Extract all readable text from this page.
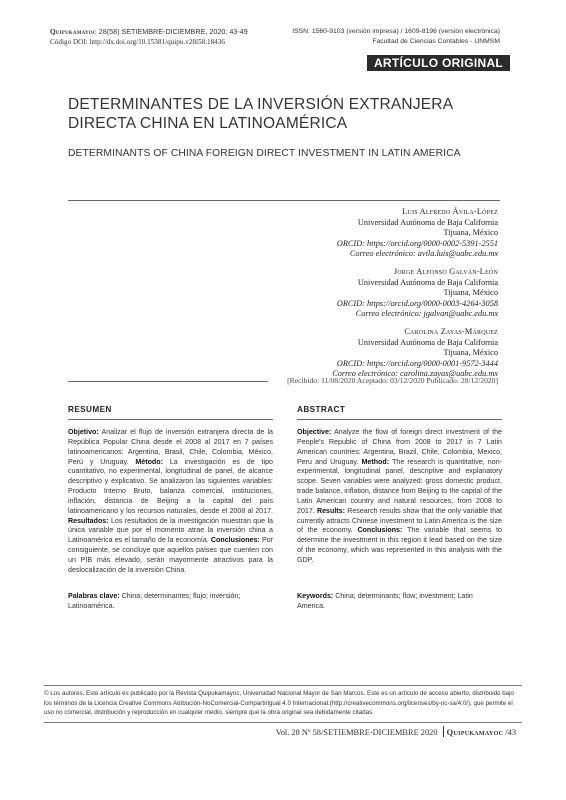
Quipukamayoc 28(58) SETIEMBRE-DICIEMBRE, 2020: 43-49
Código DOI: http://dx.doi.org/10.15381/quipu.v28i58.18436
ISSN: 1560-9103 (versión impresa) / 1609-8196 (versión electrónica)
Facultad de Ciencias Contables - UNMSM
ARTÍCULO ORIGINAL
DETERMINANTES DE LA INVERSIÓN EXTRANJERA
DIRECTA CHINA EN LATINOAMÉRICA
DETERMINANTS OF CHINA FOREIGN DIRECT INVESTMENT IN LATIN AMERICA
Luis Alfredo Ávila-López
Universidad Autónoma de Baja California
Tijuana, México
ORCID: https://orcid.org/0000-0002-5391-2551
Correo electrónico: avila.luis@uabc.edu.mx
Jorge Alfonso Galván-León
Universidad Autónoma de Baja California
Tijuana, México
ORCID: https://orcid.org/0000-0003-4264-3058
Correo electrónico: jgalvan@uabc.edu.mx
Carolina Zayas-Márquez
Universidad Autónoma de Baja California
Tijuana, México
ORCID: https://orcid.org/0000-0001-9572-3444
Correo electrónico: carolina.zayas@uabc.edu.mx
[Recibido: 11/08/2020 Aceptado: 03/12/2020 Publicado: 28/12/2020]
RESUMEN
Objetivo: Analizar el flujo de inversión extranjera directa de la República Popular China desde el 2008 al 2017 en 7 países latinoamericanos: Argentina, Brasil, Chile, Colombia, México, Perú y Uruguay. Método: La investigación es de tipo cuantitativo, no experimental, longitudinal de panel, de alcance descriptivo y explicativo. Se analizaron las siguientes variables: Producto Interno Bruto, balanza comercial, instituciones, inflación, distancia de Beijing a la capital del país latinoamericano y los recursos naturales, desde el 2008 al 2017. Resultados: Los resultados de la investigación muestran que la única variable que por el momento atrae la inversión china a Latinoamérica es el tamaño de la economía. Conclusiones: Por consiguiente, se concluye que aquellos países que cuenten con un PIB más elevado, serán mayormente atractivos para la deslocalización de la inversión China.
Palabras clave: China; determinantes; flujo; inversión; Latinoamérica.
ABSTRACT
Objective: Analyze the flow of foreign direct investment of the People's Republic of China from 2008 to 2017 in 7 Latin American countries: Argentina, Brazil, Chile, Colombia, Mexico, Peru and Uruguay. Method: The research is quantitative, non-experimental, longitudinal panel, descriptive and explanatory scope. Seven variables were analyzed: gross domestic product, trade balance, inflation, distance from Beijing to the capital of the Latin American country and natural resources, from 2008 to 2017. Results: Research results show that the only variable that currently attracts Chinese investment to Latin America is the size of the economy. Conclusions: The variable that seems to determine the investment in this region it lead based on the size of the economy, which was represented in this analysis with the GDP.
Keywords: China; determinants; flow; investment; Latin America.
© Los autores. Este artículo es publicado por la Revista Quipukamayoc, Universidad Nacional Mayor de San Marcos. Este es un artículo de acceso abierto, distribuido bajo los términos de la Licencia Creative Commons Atribución-NoComercial-Compartirlgual 4.0 Internacional.(http://creativecommons.org/licenses/by-nc-sa/4.0/), que permite el uso no comercial, distribución y reproducción en cualquier medio, siempre que la obra original sea debidamente citadas.
Vol. 28 Nº 58/SETIEMBRE-DICIEMBRE 2020 Quipukamayoc /43
